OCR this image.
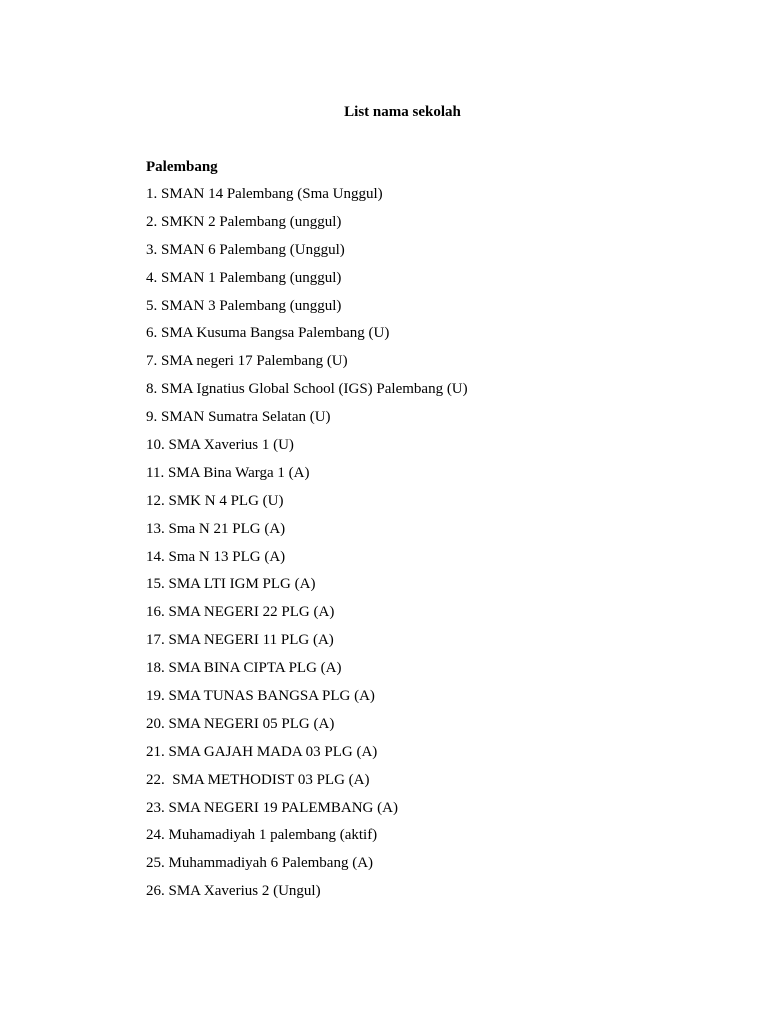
List nama sekolah
Palembang
1. SMAN 14 Palembang (Sma Unggul)
2. SMKN 2 Palembang (unggul)
3. SMAN 6 Palembang (Unggul)
4. SMAN 1 Palembang (unggul)
5. SMAN 3 Palembang (unggul)
6. SMA Kusuma Bangsa Palembang (U)
7. SMA negeri 17 Palembang (U)
8. SMA Ignatius Global School (IGS) Palembang (U)
9. SMAN Sumatra Selatan (U)
10. SMA Xaverius 1 (U)
11. SMA Bina Warga 1 (A)
12. SMK N 4 PLG (U)
13. Sma N 21 PLG (A)
14. Sma N 13 PLG (A)
15. SMA LTI IGM PLG (A)
16. SMA NEGERI 22 PLG (A)
17. SMA NEGERI 11 PLG (A)
18. SMA BINA CIPTA PLG (A)
19. SMA TUNAS BANGSA PLG (A)
20. SMA NEGERI 05 PLG (A)
21. SMA GAJAH MADA 03 PLG (A)
22.  SMA METHODIST 03 PLG (A)
23. SMA NEGERI 19 PALEMBANG (A)
24. Muhamadiyah 1 palembang (aktif)
25. Muhammadiyah 6 Palembang (A)
26. SMA Xaverius 2 (Ungul)
